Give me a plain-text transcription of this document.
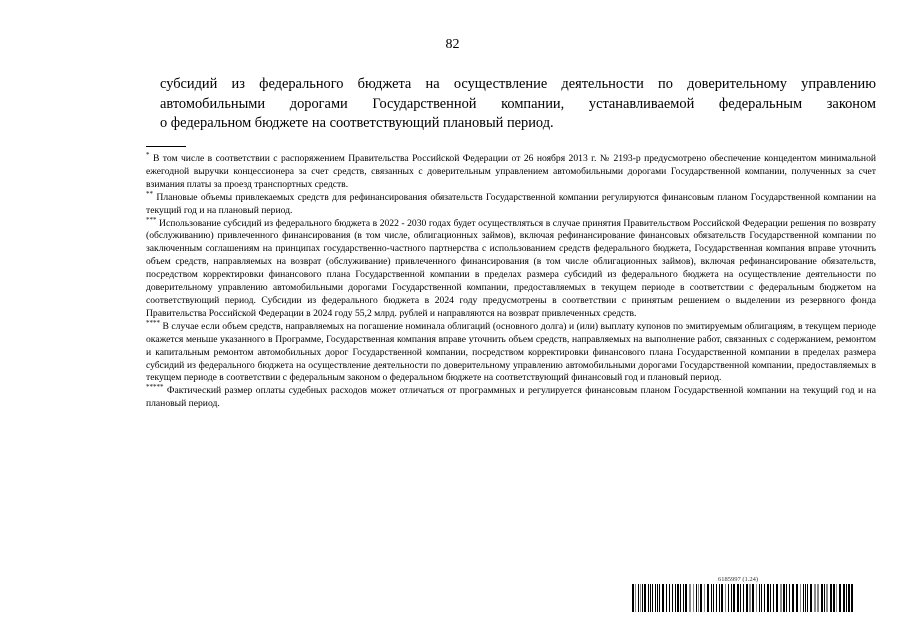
82
субсидий из федерального бюджета на осуществление деятельности по доверительному управлению
автомобильными дорогами Государственной компании, устанавливаемой федеральным законом
о федеральном бюджете на соответствующий плановый период.

* В том числе в соответствии с распоряжением Правительства Российской Федерации от 26 ноября 2013 г. № 2193-р предусмотрено обеспечение концедентом минимальной ежегодной выручки концессионера за счет средств, связанных с доверительным управлением автомобильными дорогами Государственной компании, полученных за счет взимания платы за проезд транспортных средств.

** Плановые объемы привлекаемых средств для рефинансирования обязательств Государственной компании регулируются финансовым планом Государственной компании на текущий год и на плановый период.

*** Использование субсидий из федерального бюджета в 2022 - 2030 годах будет осуществляться в случае принятия Правительством Российской Федерации решения по возврату (обслуживанию) привлеченного финансирования (в том числе, облигационных займов), включая рефинансирование финансовых обязательств Государственной компании по заключенным соглашениям на принципах государственно-частного партнерства с использованием средств федерального бюджета, Государственная компания вправе уточнить объем средств, направляемых на возврат (обслуживание) привлеченного финансирования (в том числе облигационных займов), включая рефинансирование обязательств, посредством корректировки финансового плана Государственной компании в пределах размера субсидий из федерального бюджета на осуществление деятельности по доверительному управлению автомобильными дорогами Государственной компании, предоставляемых в текущем периоде в соответствии с федеральным бюджетом на соответствующий период. Субсидии из федерального бюджета в 2024 году предусмотрены в соответствии с принятым решением о выделении из резервного фонда Правительства Российской Федерации в 2024 году 55,2 млрд. рублей и направляются на возврат привлеченных средств.

**** В случае если объем средств, направляемых на погашение номинала облигаций (основного долга) и (или) выплату купонов по эмитируемым облигациям, в текущем периоде окажется меньше указанного в Программе, Государственная компания вправе уточнить объем средств, направляемых на выполнение работ, связанных с содержанием, ремонтом и капитальным ремонтом автомобильных дорог Государственной компании, посредством корректировки финансового плана Государственной компании в пределах размера субсидий из федерального бюджета на осуществление деятельности по доверительному управлению автомобильными дорогами Государственной компании, предоставляемых в текущем периоде в соответствии с федеральным законом о федеральном бюджете на соответствующий финансовый год и плановый период.

***** Фактический размер оплаты судебных расходов может отличаться от программных и регулируется финансовым планом Государственной компании на текущий год и на плановый период.

6185997 (1.24)
